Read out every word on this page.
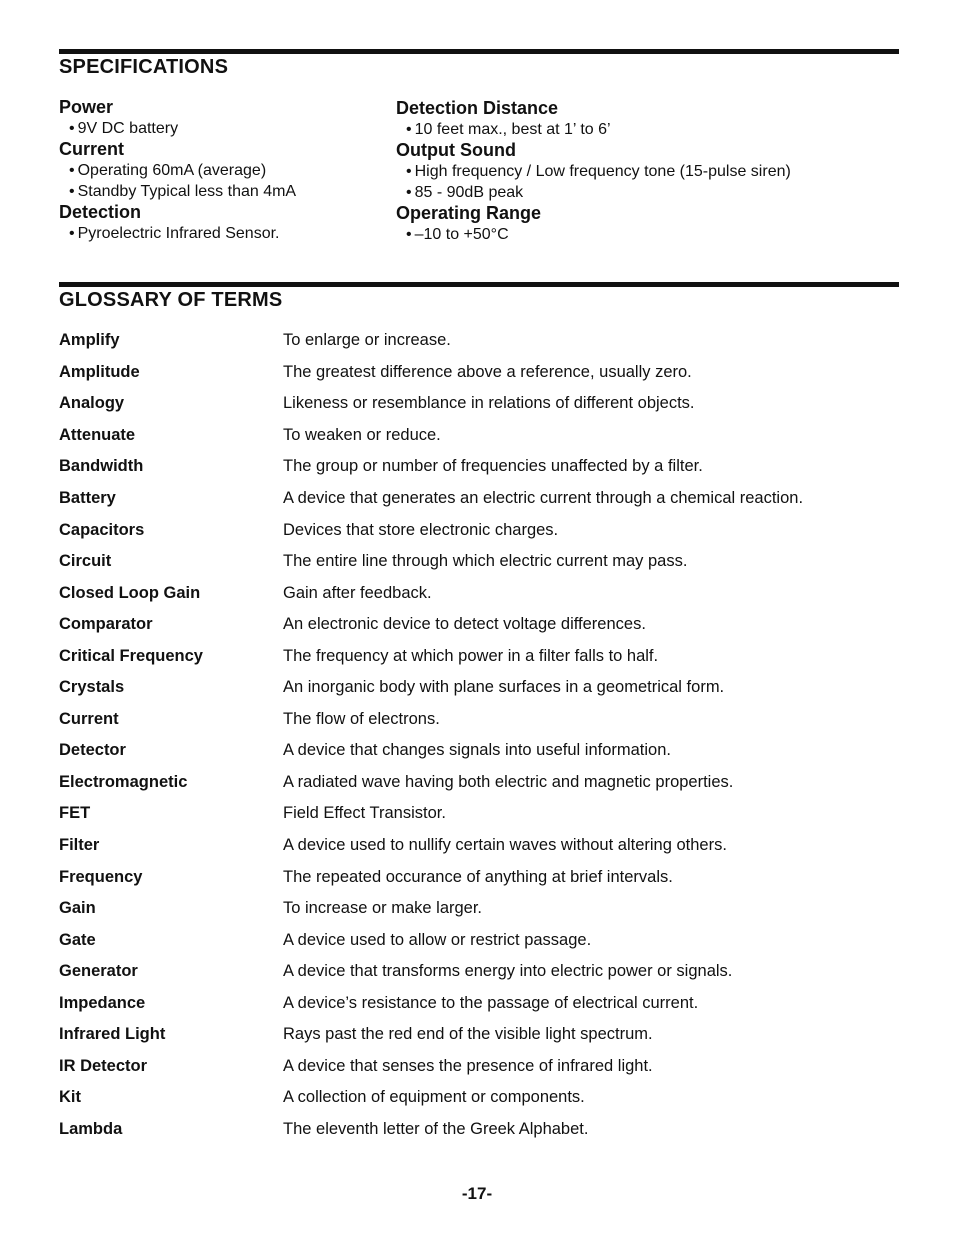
SPECIFICATIONS
Power
• 9V DC battery
Current
• Operating 60mA (average)
• Standby Typical less than 4mA
Detection
• Pyroelectric Infrared Sensor.
Detection Distance
• 10 feet max., best at 1’ to 6’
Output Sound
• High frequency / Low frequency tone (15-pulse siren)
• 85 - 90dB peak
Operating Range
• –10 to +50°C
GLOSSARY OF TERMS
Amplify	To enlarge or increase.
Amplitude	The greatest difference above a reference, usually zero.
Analogy	Likeness or resemblance in relations of different objects.
Attenuate	To weaken or reduce.
Bandwidth	The group or number of frequencies unaffected by a filter.
Battery	A device that generates an electric current through a chemical reaction.
Capacitors	Devices that store electronic charges.
Circuit	The entire line through which electric current may pass.
Closed Loop Gain	Gain after feedback.
Comparator	An electronic device to detect voltage differences.
Critical Frequency	The frequency at which power in a filter falls to half.
Crystals	An inorganic body with plane surfaces in a geometrical form.
Current	The flow of electrons.
Detector	A device that changes signals into useful information.
Electromagnetic	A radiated wave having both electric and magnetic properties.
FET	Field Effect Transistor.
Filter	A device used to nullify certain waves without altering others.
Frequency	The repeated occurance of anything at brief intervals.
Gain	To increase or make larger.
Gate	A device used to allow or restrict passage.
Generator	A device that transforms energy into electric power or signals.
Impedance	A device’s resistance to the passage of electrical current.
Infrared Light	Rays past the red end of the visible light spectrum.
IR Detector	A device that senses the presence of infrared light.
Kit	A collection of equipment or components.
Lambda	The eleventh letter of the Greek Alphabet.
-17-
